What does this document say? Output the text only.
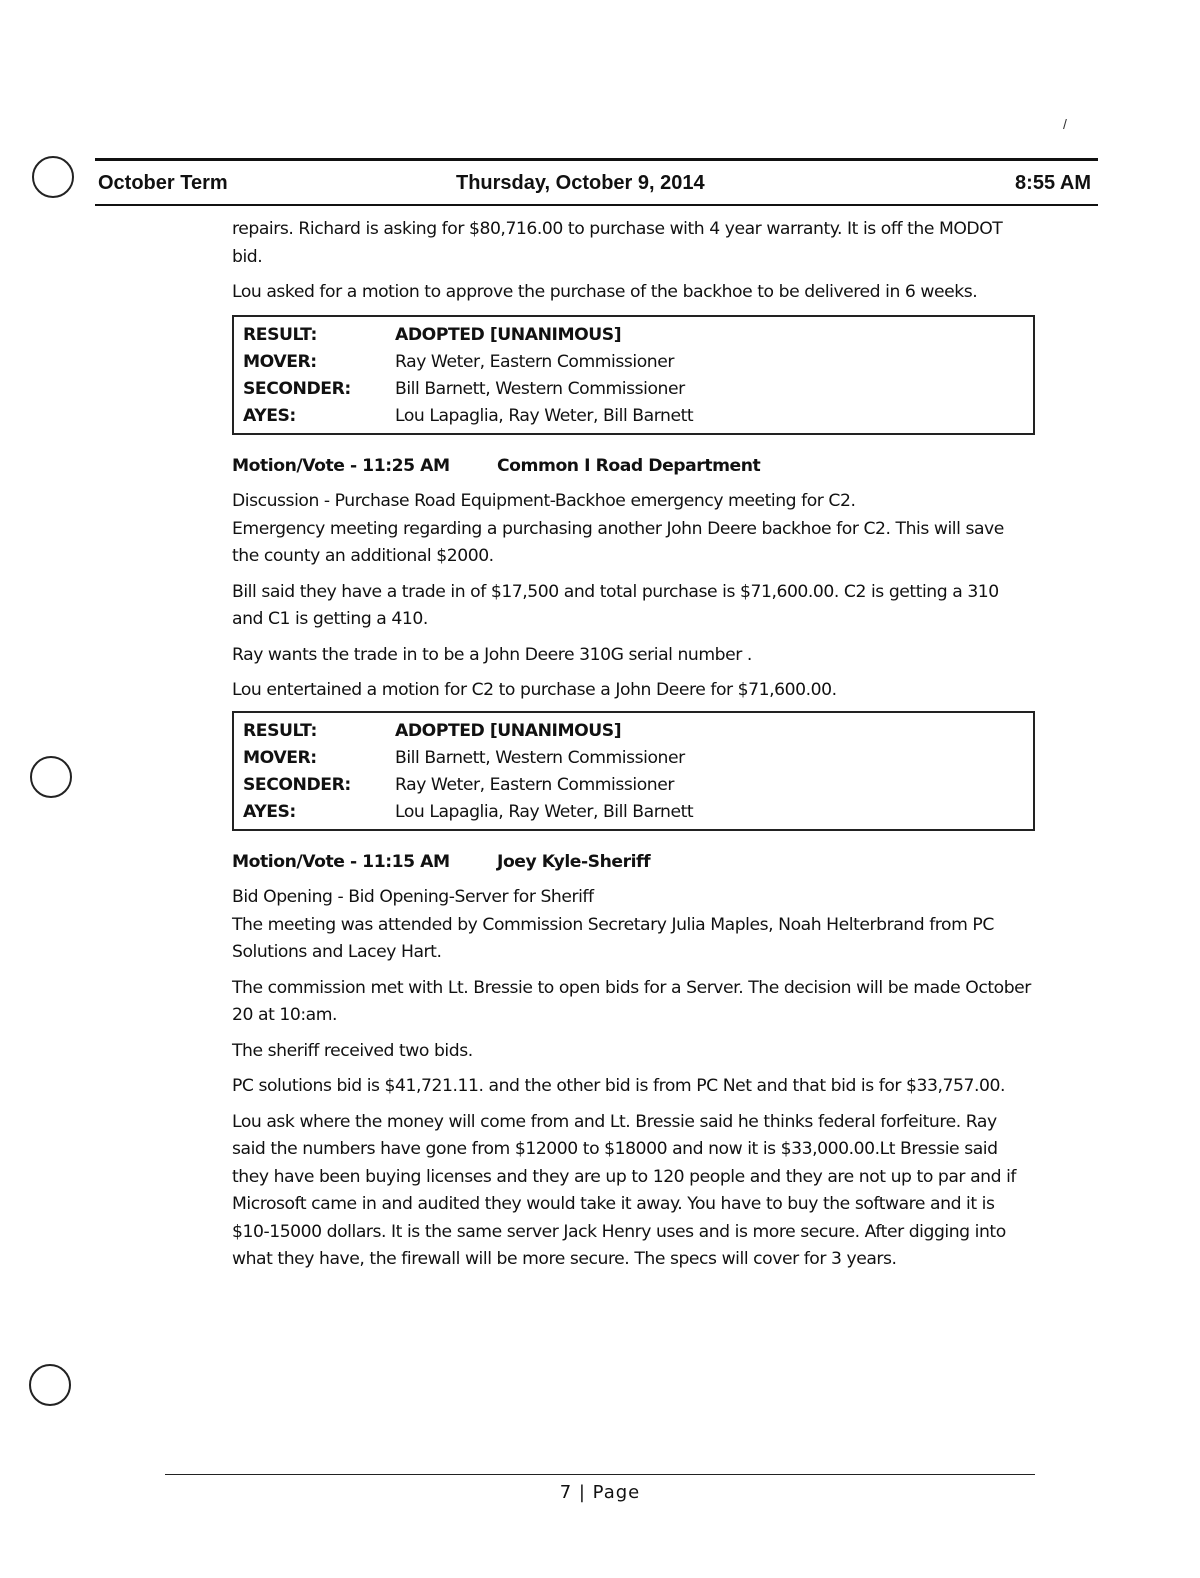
October Term	Thursday, October 9, 2014	8:55 AM
/

repairs. Richard is asking for $80,716.00 to purchase with 4 year warranty. It is off the MODOT bid.

Lou asked for a motion to approve the purchase of the backhoe to be delivered in 6 weeks.

RESULT:	ADOPTED [UNANIMOUS]
MOVER:	Ray Weter, Eastern Commissioner
SECONDER:	Bill Barnett, Western Commissioner
AYES:	Lou Lapaglia, Ray Weter, Bill Barnett

Motion/Vote - 11:25 AM	Common I Road Department

Discussion - Purchase Road Equipment-Backhoe emergency meeting for C2.

Emergency meeting regarding a purchasing another John Deere backhoe for C2. This will save the county an additional $2000.

Bill said they have a trade in of $17,500 and total purchase is $71,600.00. C2 is getting a 310 and C1 is getting a 410.

Ray wants the trade in to be a John Deere 310G serial number .

Lou entertained a motion for C2 to purchase a John Deere for $71,600.00.

RESULT:	ADOPTED [UNANIMOUS]
MOVER:	Bill Barnett, Western Commissioner
SECONDER:	Ray Weter, Eastern Commissioner
AYES:	Lou Lapaglia, Ray Weter, Bill Barnett

Motion/Vote - 11:15 AM	Joey Kyle-Sheriff

Bid Opening - Bid Opening-Server for Sheriff

The meeting was attended by Commission Secretary Julia Maples, Noah Helterbrand from PC Solutions and Lacey Hart.

The commission met with Lt. Bressie to open bids for a Server. The decision will be made October 20 at 10:am.

The sheriff received two bids.

PC solutions bid is $41,721.11. and the other bid is from PC Net and that bid is for $33,757.00.

Lou ask where the money will come from and Lt. Bressie said he thinks federal forfeiture. Ray said the numbers have gone from $12000 to $18000 and now it is $33,000.00.Lt Bressie said they have been buying licenses and they are up to 120 people and they are not up to par and if Microsoft came in and audited they would take it away. You have to buy the software and it is $10-15000 dollars. It is the same server Jack Henry uses and is more secure. After digging into what they have, the firewall will be more secure. The specs will cover for 3 years.

7 | Page
